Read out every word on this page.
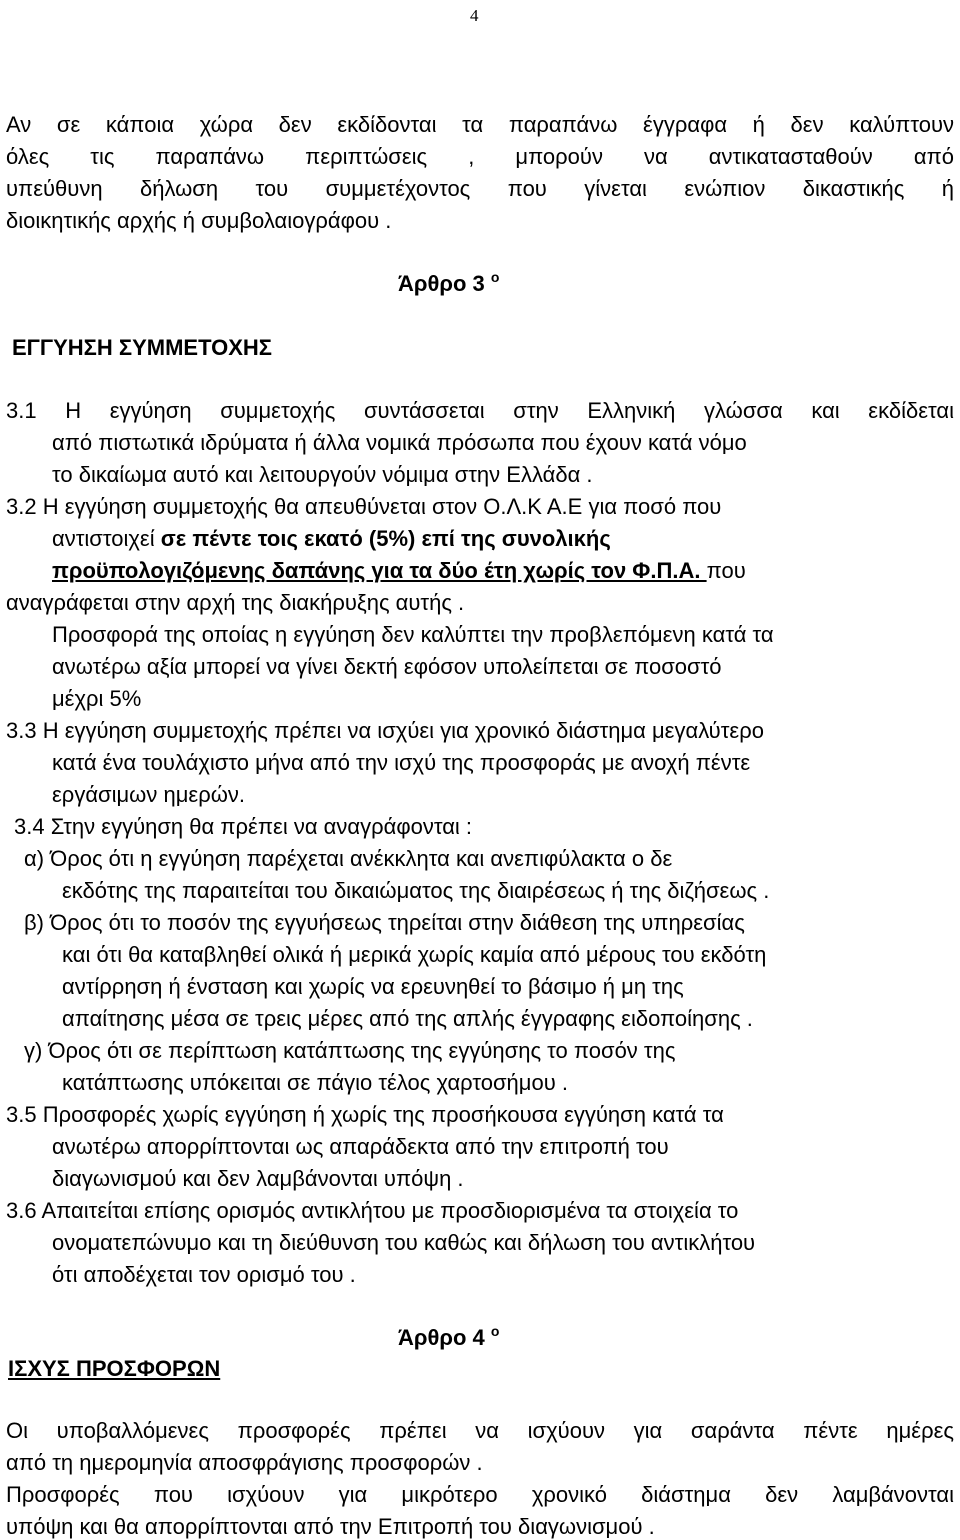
4
Αν σε κάποια χώρα δεν εκδίδονται τα παραπάνω έγγραφα ή δεν καλύπτουν
όλες τις παραπάνω περιπτώσεις , μπορούν να αντικατασταθούν από
υπεύθυνη δήλωση του συμμετέχοντος που γίνεται ενώπιον δικαστικής ή
διοικητικής αρχής ή συμβολαιογράφου .
Άρθρο 3 $^o$
ΕΓΓΥΗΣΗ ΣΥΜΜΕΤΟΧΗΣ
3.1 Η εγγύηση συμμετοχής συντάσσεται στην Ελληνική γλώσσα και εκδίδεται
από πιστωτικά ιδρύματα ή άλλα νομικά πρόσωπα που έχουν κατά νόμο
το δικαίωμα αυτό και λειτουργούν νόμιμα στην Ελλάδα .
3.2 Η εγγύηση συμμετοχής θα απευθύνεται στον Ο.Λ.Κ Α.Ε για ποσό που
αντιστοιχεί σε πέντε τοις εκατό (5%) επί της συνολικής
προϋπολογιζόμενης δαπάνης για τα δύο έτη χωρίς τον Φ.Π.Α. που
αναγράφεται στην αρχή της διακήρυξης αυτής .
Προσφορά της οποίας η εγγύηση δεν καλύπτει την προβλεπόμενη κατά τα
ανωτέρω αξία μπορεί να γίνει δεκτή εφόσον υπολείπεται σε ποσοστό
μέχρι 5%
3.3 Η εγγύηση συμμετοχής πρέπει να ισχύει για χρονικό διάστημα μεγαλύτερο
κατά ένα τουλάχιστο μήνα από την ισχύ της προσφοράς με ανοχή πέντε
εργάσιμων ημερών.
3.4 Στην εγγύηση θα πρέπει να αναγράφονται :
α) Όρος ότι η εγγύηση παρέχεται ανέκκλητα και ανεπιφύλακτα ο δε
εκδότης της παραιτείται του δικαιώματος της διαιρέσεως ή της διζήσεως .
β) Όρος ότι το ποσόν της εγγυήσεως τηρείται στην διάθεση της υπηρεσίας
και ότι θα καταβληθεί ολικά ή μερικά χωρίς καμία από μέρους του εκδότη
αντίρρηση ή ένσταση και χωρίς να ερευνηθεί το βάσιμο ή μη της
απαίτησης μέσα σε τρεις μέρες από της απλής έγγραφης ειδοποίησης .
γ) Όρος ότι σε περίπτωση κατάπτωσης της εγγύησης το ποσόν της
κατάπτωσης υπόκειται σε πάγιο τέλος χαρτοσήμου .
3.5 Προσφορές χωρίς εγγύηση ή χωρίς της προσήκουσα εγγύηση κατά τα
ανωτέρω απορρίπτονται ως απαράδεκτα από την επιτροπή του
διαγωνισμού και δεν λαμβάνονται υπόψη .
3.6 Απαιτείται επίσης ορισμός αντικλήτου με προσδιορισμένα τα στοιχεία το
ονοματεπώνυμο και τη διεύθυνση του καθώς και δήλωση του αντικλήτου
ότι αποδέχεται τον ορισμό του .
Άρθρο 4 $^o$
ΙΣΧΥΣ ΠΡΟΣΦΟΡΩΝ
Οι υποβαλλόμενες προσφορές πρέπει να ισχύουν για σαράντα πέντε ημέρες
από τη ημερομηνία αποσφράγισης προσφορών .
Προσφορές που ισχύουν για μικρότερο χρονικό διάστημα δεν λαμβάνονται
υπόψη και θα απορρίπτονται από την Επιτροπή του διαγωνισμού .
